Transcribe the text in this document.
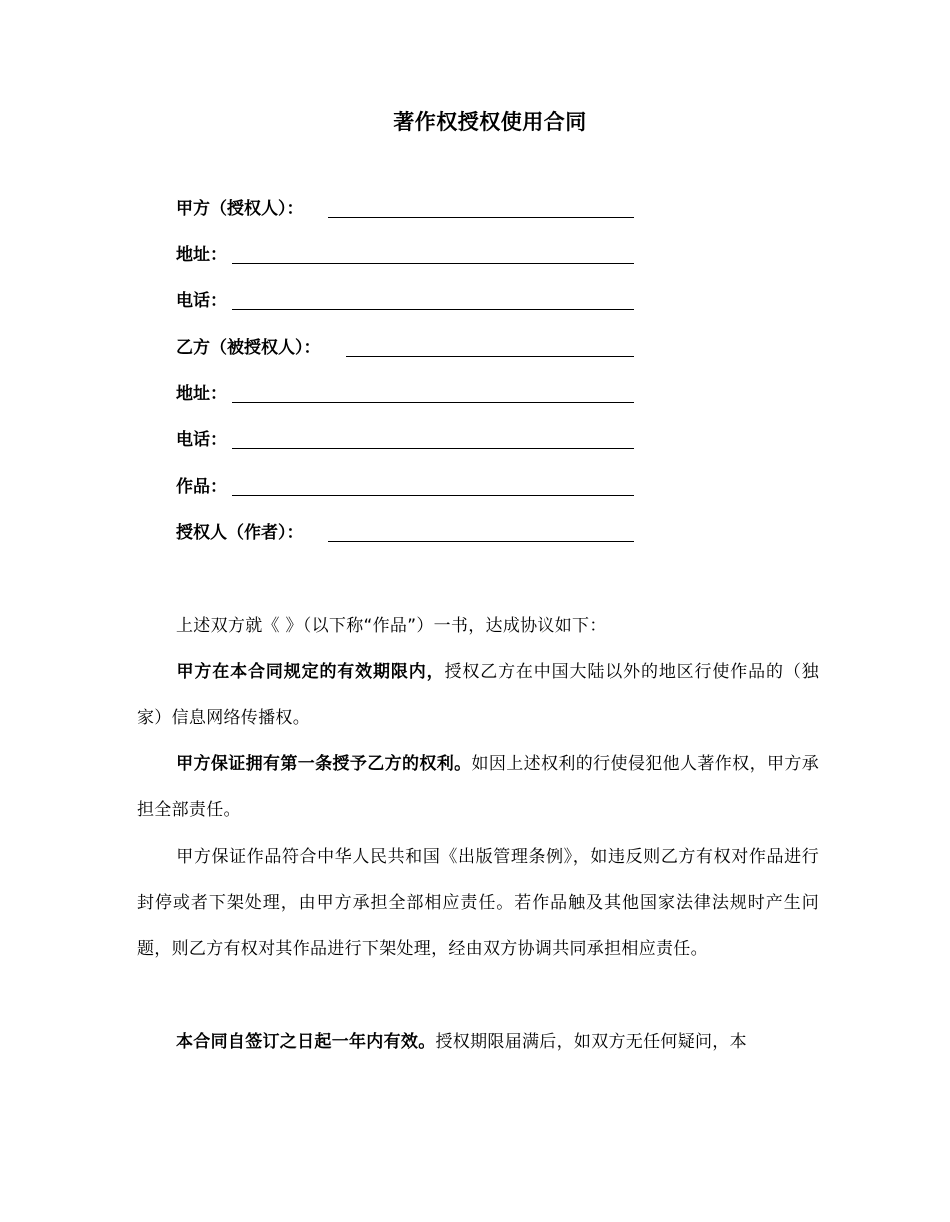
著作权授权使用合同
甲方（授权人）：
地址：
电话：
乙方（被授权人）：
地址：
电话：
作品：
授权人（作者）：
上述双方就《 》（以下称“作品”）一书，达成协议如下：
甲方在本合同规定的有效期限内，授权乙方在中国大陆以外的地区行使作品的（独家）信息网络传播权。
甲方保证拥有第一条授予乙方的权利。如因上述权利的行使侵犯他人著作权，甲方承担全部责任。
甲方保证作品符合中华人民共和国《出版管理条例》，如违反则乙方有权对作品进行封停或者下架处理，由甲方承担全部相应责任。若作品触及其他国家法律法规时产生问题，则乙方有权对其作品进行下架处理，经由双方协调共同承担相应责任。
本合同自签订之日起一年内有效。授权期限届满后，如双方无任何疑问，本
